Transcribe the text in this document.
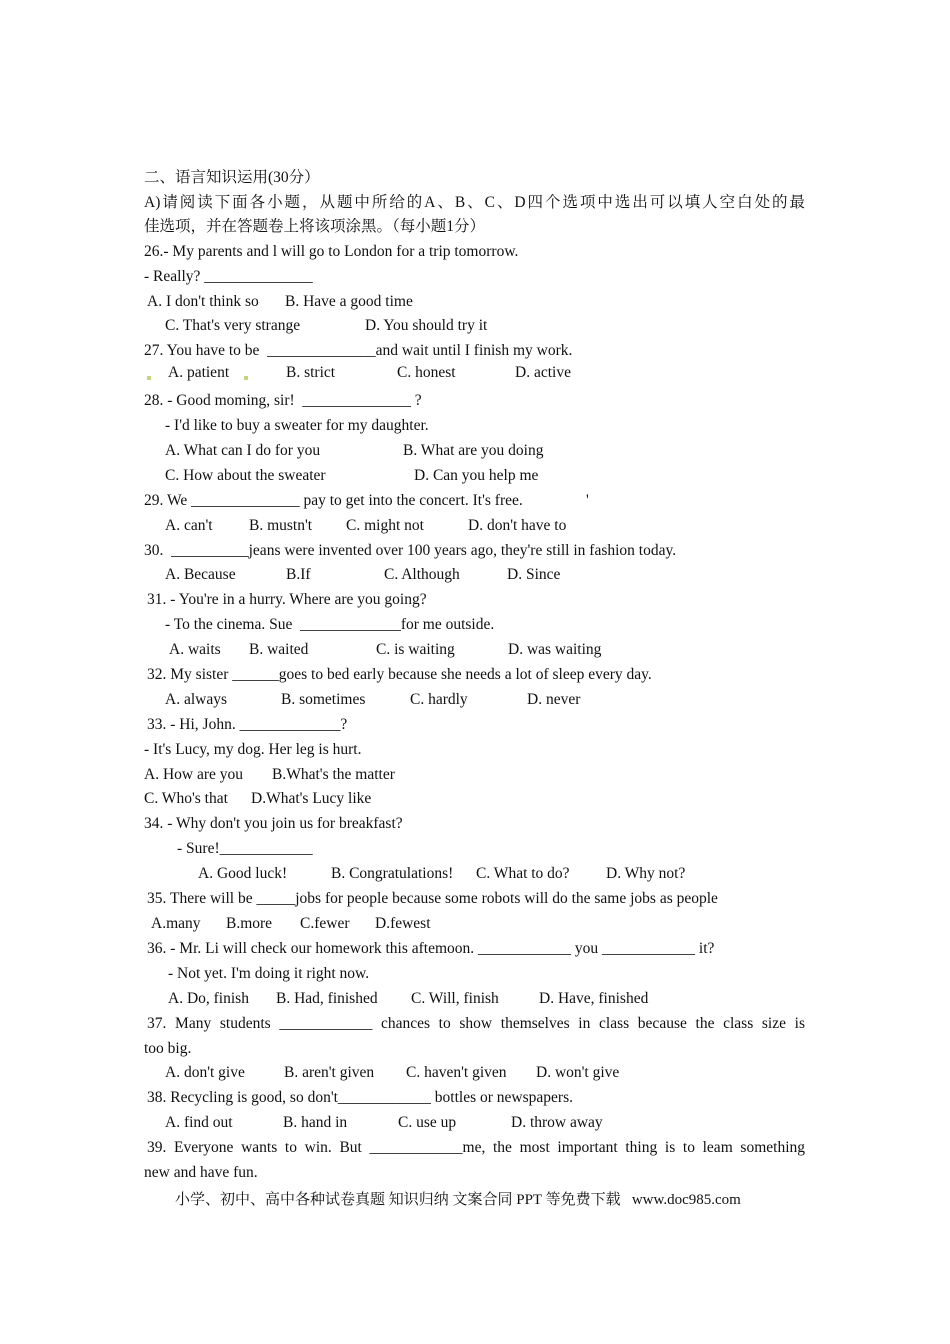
二、语言知识运用(30分）
A)请阅读下面各小题，从题中所给的A、B、C、D四个选项中选出可以填人空白处的最
佳选项，并在答题卷上将该项涂黑。（每小题1分）
26.- My parents and l will go to London for a trip tomorrow.
- Really? ______________
A. I don't think so B. Have a good time
C. That's very strange	D. You should try it
27. You have to be  ______________and wait until I finish my work.
A. patient	B. strict	C. honest	D. active
28. - Good moming, sir!  ______________ ?
- I'd like to buy a sweater for my daughter.
A. What can I do for you	B. What are you doing
C. How about the sweater	D. Can you help me
29. We ______________ pay to get into the concert. It's free.	'
A. can't B. mustn't C. might not	D. don't have to
30.  __________jeans were invented over 100 years ago, they're still in fashion today.
A. Because	B.If	C. Although	D. Since
31. - You're in a hurry. Where are you going?
- To the cinema. Sue  _____________for me outside.
A. waits B. waited	C. is waiting	D. was waiting
32. My sister ______goes to bed early because she needs a lot of sleep every day.
A. always	B. sometimes	C. hardly	D. never
33. - Hi, John. _____________?
- It's Lucy, my dog. Her leg is hurt.
A. How are you B.What's the matter
C. Who's that D.What's Lucy like
34. - Why don't you join us for breakfast?
- Sure!____________
A. Good luck!	B. Congratulations! C. What to do? D. Why not?
35. There will be _____jobs for people because some robots will do the same jobs as people
A.many B.more C.fewer D.fewest
36. - Mr. Li will check our homework this aftemoon. ____________ you ____________ it?
- Not yet. I'm doing it right now.
A. Do, finish B. Had, finished C. Will, finish	D. Have, finished
37. Many students ____________ chances to show themselves in class because the class size is
too big.
A. don't give	B. aren't given C. haven't given D. won't give
38. Recycling is good, so don't____________ bottles or newspapers.
A. find out	B. hand in	C. use up	D. throw away
39. Everyone wants to win. But ____________me, the most important thing is to leam something
new and have fun.
小学、初中、高中各种试卷真题 知识归纳 文案合同 PPT 等免费下载   www.doc985.com
